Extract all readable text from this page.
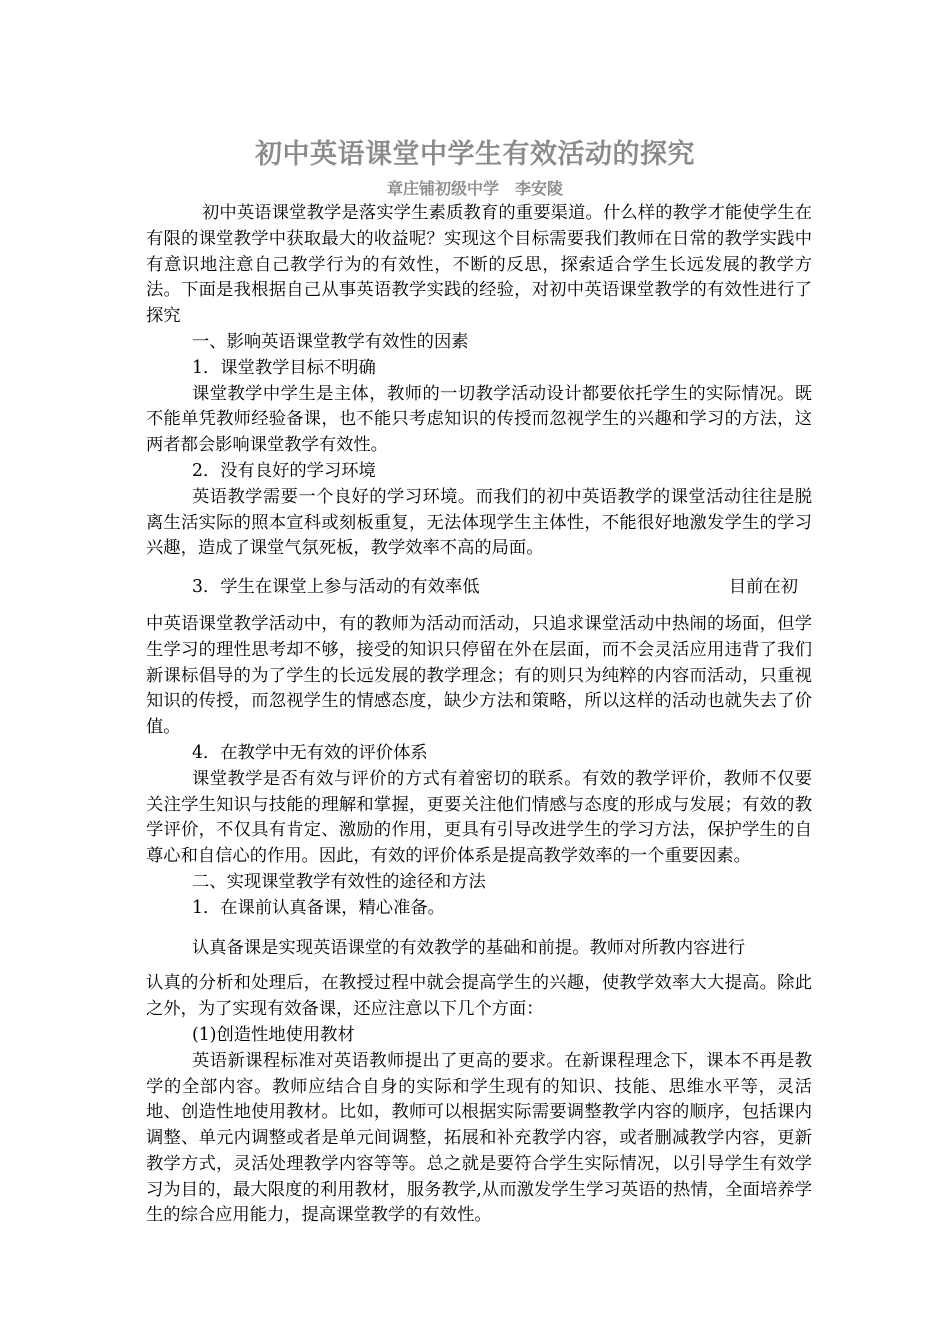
初中英语课堂中学生有效活动的探究
章庄铺初级中学　李安陵

初中英语课堂教学是落实学生素质教育的重要渠道。什么样的教学才能使学生在有限的课堂教学中获取最大的收益呢？实现这个目标需要我们教师在日常的教学实践中有意识地注意自己教学行为的有效性，不断的反思，探索适合学生长远发展的教学方法。下面是我根据自己从事英语教学实践的经验，对初中英语课堂教学的有效性进行了探究

一、影响英语课堂教学有效性的因素

1．课堂教学目标不明确

课堂教学中学生是主体，教师的一切教学活动设计都要依托学生的实际情况。既不能单凭教师经验备课，也不能只考虑知识的传授而忽视学生的兴趣和学习的方法，这两者都会影响课堂教学有效性。

2．没有良好的学习环境

英语教学需要一个良好的学习环境。而我们的初中英语教学的课堂活动往往是脱离生活实际的照本宣科或刻板重复，无法体现学生主体性，不能很好地激发学生的学习兴趣，造成了课堂气氛死板，教学效率不高的局面。

3．学生在课堂上参与活动的有效率低	目前在初

中英语课堂教学活动中，有的教师为活动而活动，只追求课堂活动中热闹的场面，但学生学习的理性思考却不够，接受的知识只停留在外在层面，而不会灵活应用违背了我们新课标倡导的为了学生的长远发展的教学理念；有的则只为纯粹的内容而活动，只重视知识的传授，而忽视学生的情感态度，缺少方法和策略，所以这样的活动也就失去了价值。

4．在教学中无有效的评价体系

课堂教学是否有效与评价的方式有着密切的联系。有效的教学评价，教师不仅要关注学生知识与技能的理解和掌握，更要关注他们情感与态度的形成与发展；有效的教学评价，不仅具有肯定、激励的作用，更具有引导改进学生的学习方法，保护学生的自尊心和自信心的作用。因此，有效的评价体系是提高教学效率的一个重要因素。

二、实现课堂教学有效性的途径和方法

1．在课前认真备课，精心准备。

认真备课是实现英语课堂的有效教学的基础和前提。教师对所教内容进行

认真的分析和处理后，在教授过程中就会提高学生的兴趣，使教学效率大大提高。除此之外，为了实现有效备课，还应注意以下几个方面：

(1)创造性地使用教材

英语新课程标准对英语教师提出了更高的要求。在新课程理念下，课本不再是教学的全部内容。教师应结合自身的实际和学生现有的知识、技能、思维水平等，灵活地、创造性地使用教材。比如，教师可以根据实际需要调整教学内容的顺序，包括课内调整、单元内调整或者是单元间调整，拓展和补充教学内容，或者删减教学内容，更新教学方式，灵活处理教学内容等等。总之就是要符合学生实际情况，以引导学生有效学习为目的，最大限度的利用教材，服务教学,从而激发学生学习英语的热情，全面培养学生的综合应用能力，提高课堂教学的有效性。
